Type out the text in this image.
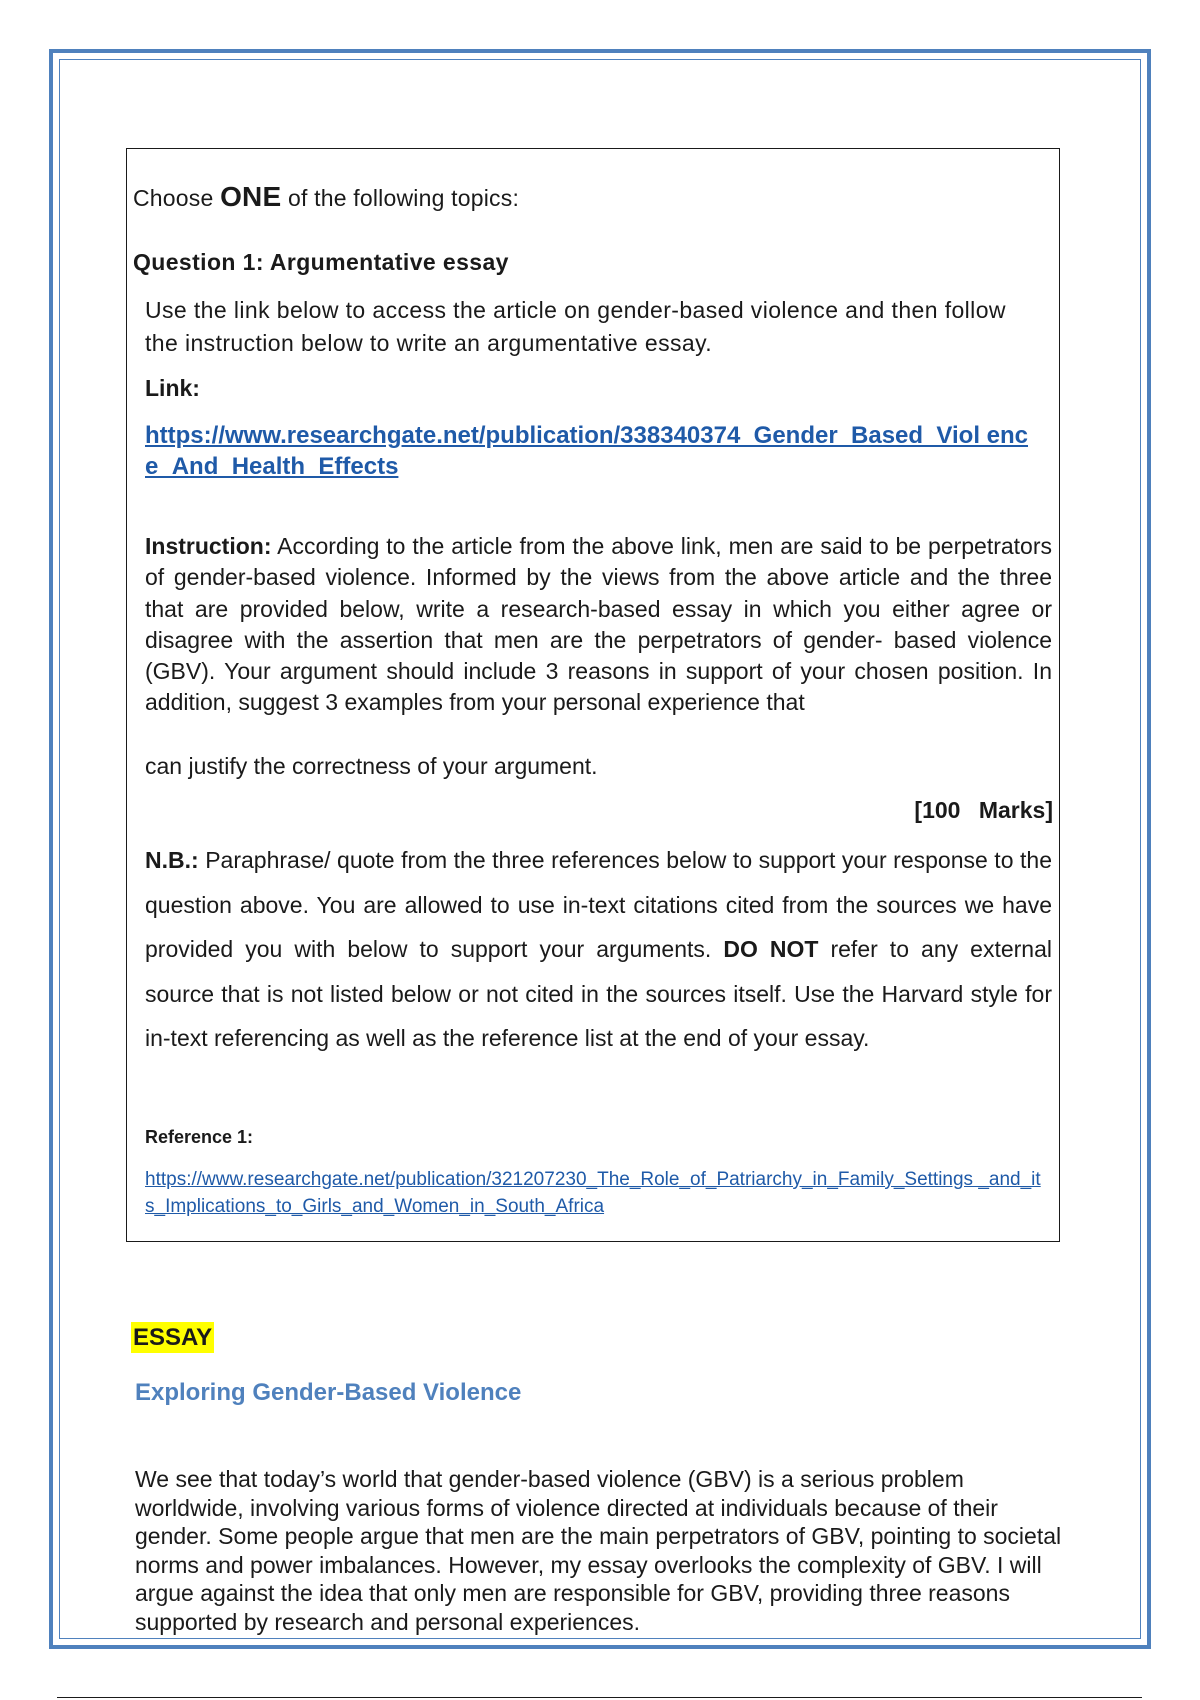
Choose ONE of the following topics:
Question 1: Argumentative essay

Use the link below to access the article on gender-based violence and then follow the instruction below to write an argumentative essay.

Link:
https://www.researchgate.net/publication/338340374_Gender_Based_Viol enc e_And_Health_Effects

Instruction: According to the article from the above link, men are said to be perpetrators of gender-based violence. Informed by the views from the above article and the three that are provided below, write a research-based essay in which you either agree or disagree with the assertion that men are the perpetrators of gender- based violence (GBV). Your argument should include 3 reasons in support of your chosen position. In addition, suggest 3 examples from your personal experience that

can justify the correctness of your argument.
[100 Marks]

N.B.: Paraphrase/ quote from the three references below to support your response to the question above. You are allowed to use in-text citations cited from the sources we have provided you with below to support your arguments. DO NOT refer to any external source that is not listed below or not cited in the sources itself. Use the Harvard style for in-text referencing as well as the reference list at the end of your essay.

Reference 1:
https://www.researchgate.net/publication/321207230_The_Role_of_Patriarchy_in_Family_Settings _and_its_Implications_to_Girls_and_Women_in_South_Africa
ESSAY
Exploring Gender-Based Violence

We see that today’s world that gender-based violence (GBV) is a serious problem worldwide, involving various forms of violence directed at individuals because of their gender. Some people argue that men are the main perpetrators of GBV, pointing to societal norms and power imbalances. However, my essay overlooks the complexity of GBV. I will argue against the idea that only men are responsible for GBV, providing three reasons supported by research and personal experiences.
